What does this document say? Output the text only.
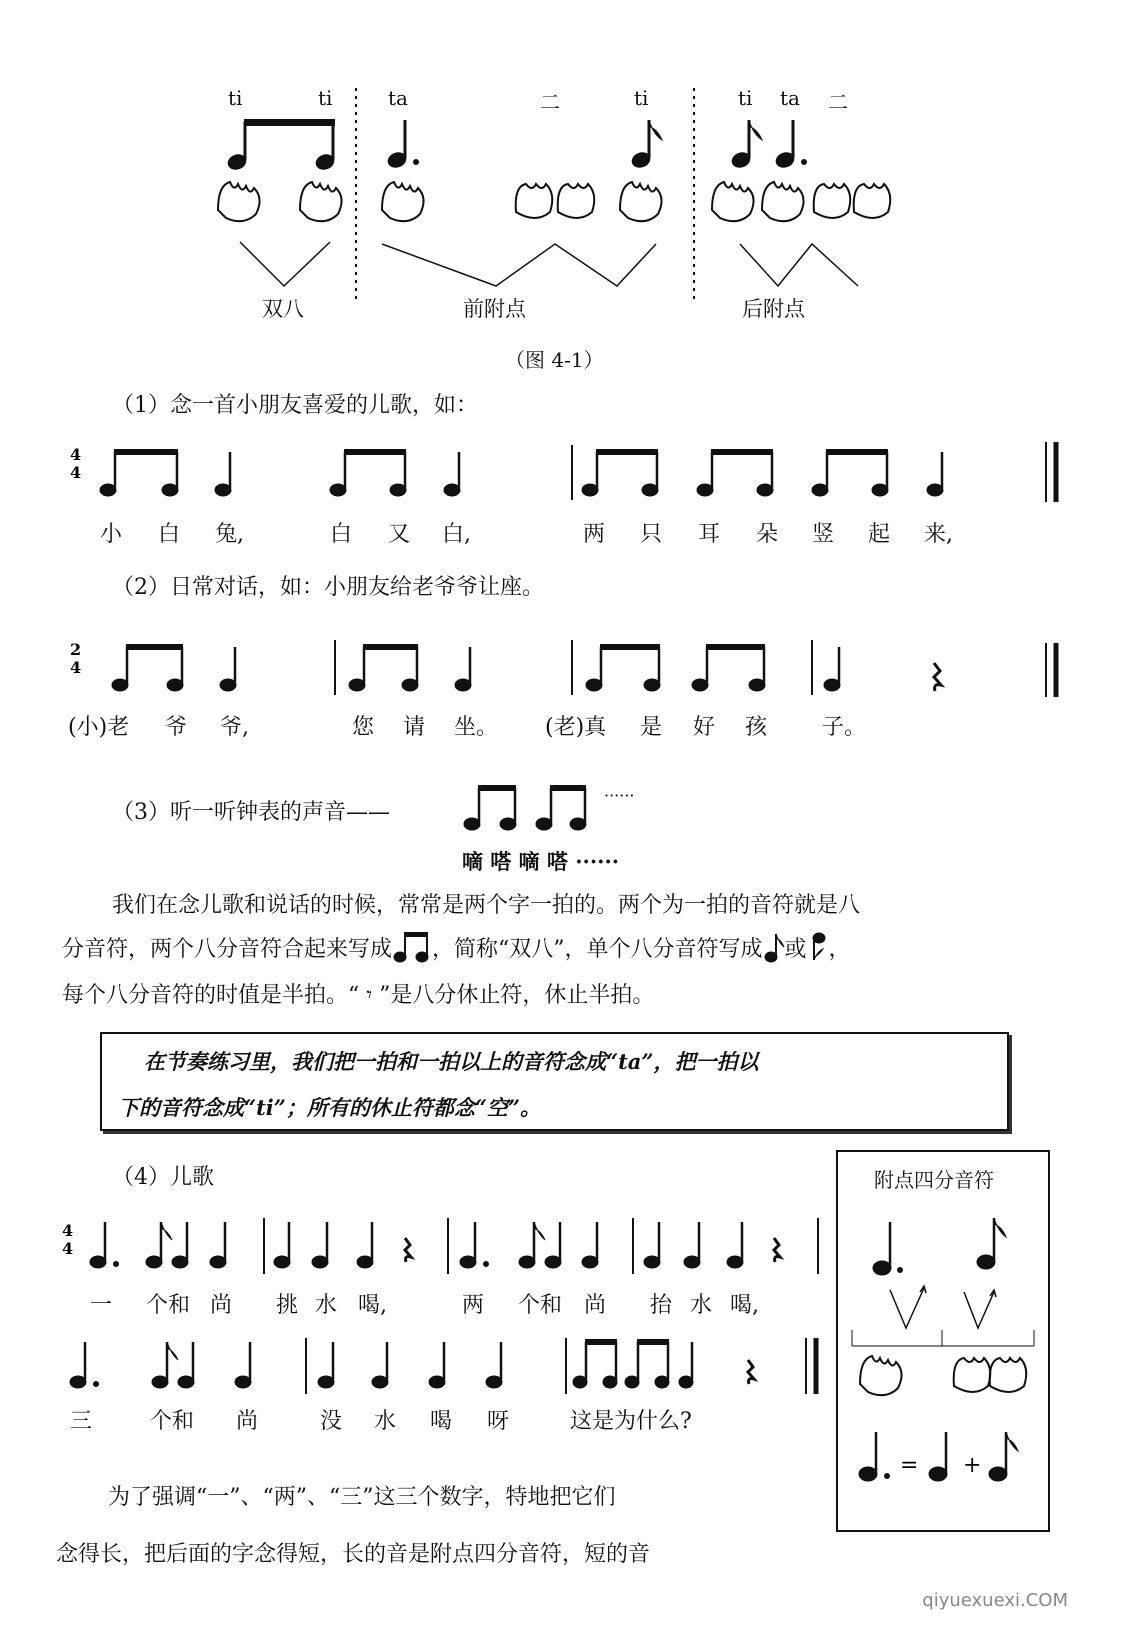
ti	ti	ta	二	ti	ti ta 二
双八	前附点	后附点
（图 4-1）
（1）念一首小朋友喜爱的儿歌，如：
4
4
小 白 兔,	白 又 白,	两 只 耳 朵 竖 起 来,
（2）日常对话，如：小朋友给老爷爷让座。
2
4
(小)老 爷 爷,	您 请 坐。 (老)真 是 好 孩 子。
（3）听一听钟表的声音——
······
嘀 嗒 嘀 嗒 ······
我们在念儿歌和说话的时候，常常是两个字一拍的。两个为一拍的音符就是八
分音符，两个八分音符合起来写成 ，简称“双八”，单个八分音符写成 或 ，
每个八分音符的时值是半拍。“ 𝄾 ”是八分休止符，休止半拍。
在节奏练习里，我们把一拍和一拍以上的音符念成“ta”，把一拍以
下的音符念成“ti”；所有的休止符都念“空”。
（4）儿歌
4
4
一 个和 尚 挑 水 喝,	两 个和 尚 抬 水 喝,
三	个和 尚	没 水 喝 呀	这是为什么?
附点四分音符
= +
为了强调“一”、“两”、“三”这三个数字，特地把它们
念得长，把后面的字念得短，长的音是附点四分音符，短的音
qiyuexuexi.COM
